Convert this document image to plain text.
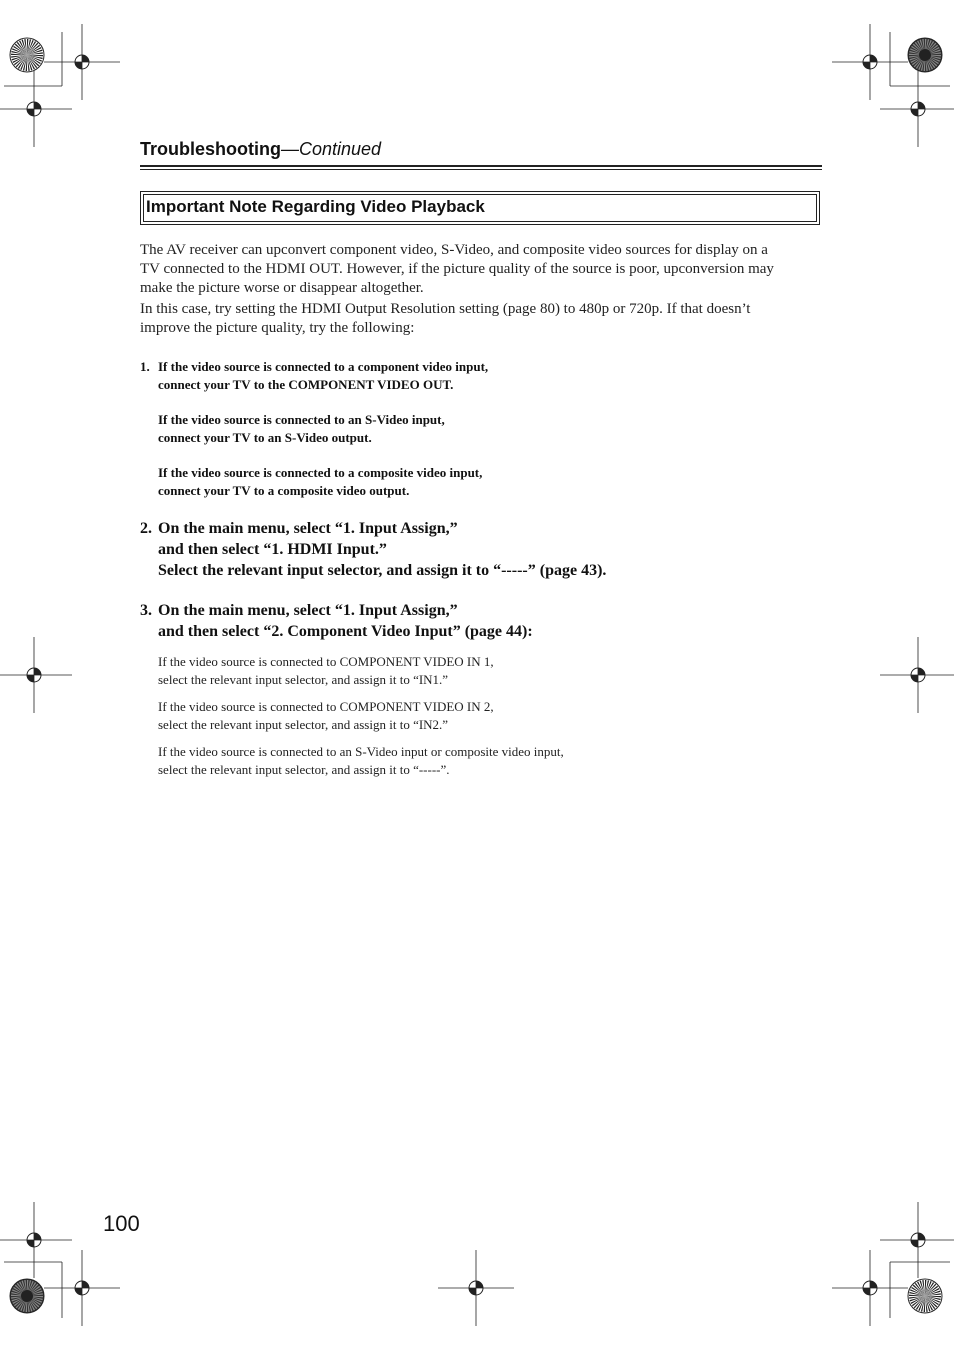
Troubleshooting—Continued
Important Note Regarding Video Playback
The AV receiver can upconvert component video, S-Video, and composite video sources for display on a
TV connected to the HDMI OUT. However, if the picture quality of the source is poor, upconversion may
make the picture worse or disappear altogether.
In this case, try setting the HDMI Output Resolution setting (page 80) to 480p or 720p. If that doesn’t
improve the picture quality, try the following:
1. If the video source is connected to a component video input,
connect your TV to the COMPONENT VIDEO OUT.
If the video source is connected to an S-Video input,
connect your TV to an S-Video output.
If the video source is connected to a composite video input,
connect your TV to a composite video output.
2. On the main menu, select “1. Input Assign,”
and then select “1. HDMI Input.”
Select the relevant input selector, and assign it to “-----” (page 43).
3. On the main menu, select “1. Input Assign,”
and then select “2. Component Video Input” (page 44):
If the video source is connected to COMPONENT VIDEO IN 1,
select the relevant input selector, and assign it to “IN1.”
If the video source is connected to COMPONENT VIDEO IN 2,
select the relevant input selector, and assign it to “IN2.”
If the video source is connected to an S-Video input or composite video input,
select the relevant input selector, and assign it to “-----”.
100
